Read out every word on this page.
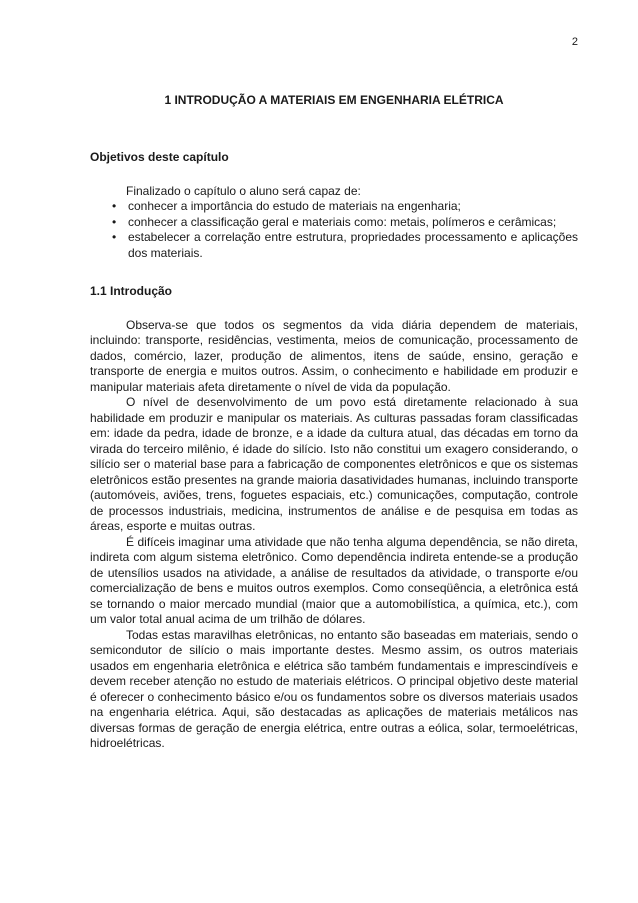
2
1 INTRODUÇÃO A MATERIAIS EM ENGENHARIA ELÉTRICA

Objetivos deste capítulo

Finalizado o capítulo o aluno será capaz de:

• conhecer a importância do estudo de materiais na engenharia;
• conhecer a classificação geral e materiais como: metais, polímeros e cerâmicas;
• estabelecer a correlação entre estrutura, propriedades processamento e aplicações dos materiais.

1.1 Introdução

Observa-se que todos os segmentos da vida diária dependem de materiais, incluindo: transporte, residências, vestimenta, meios de comunicação, processamento de dados, comércio, lazer, produção de alimentos, itens de saúde, ensino, geração e transporte de energia e muitos outros. Assim, o conhecimento e habilidade em produzir e manipular materiais afeta diretamente o nível de vida da população.

O nível de desenvolvimento de um povo está diretamente relacionado à sua habilidade em produzir e manipular os materiais. As culturas passadas foram classificadas em: idade da pedra, idade de bronze, e a idade da cultura atual, das décadas em torno da virada do terceiro milênio, é idade do silício. Isto não constitui um exagero considerando, o silício ser o material base para a fabricação de componentes eletrônicos e que os sistemas eletrônicos estão presentes na grande maioria dasatividades humanas, incluindo transporte (automóveis, aviões, trens, foguetes espaciais, etc.) comunicações, computação, controle de processos industriais, medicina, instrumentos de análise e de pesquisa em todas as áreas, esporte e muitas outras.

É difíceis imaginar uma atividade que não tenha alguma dependência, se não direta, indireta com algum sistema eletrônico. Como dependência indireta entende-se a produção de utensílios usados na atividade, a análise de resultados da atividade, o transporte e/ou comercialização de bens e muitos outros exemplos. Como conseqüência, a eletrônica está se tornando o maior mercado mundial (maior que a automobilística, a química, etc.), com um valor total anual acima de um trilhão de dólares.

Todas estas maravilhas eletrônicas, no entanto são baseadas em materiais, sendo o semicondutor de silício o mais importante destes. Mesmo assim, os outros materiais usados em engenharia eletrônica e elétrica são também fundamentais e imprescindíveis e devem receber atenção no estudo de materiais elétricos. O principal objetivo deste material é oferecer o conhecimento básico e/ou os fundamentos sobre os diversos materiais usados na engenharia elétrica. Aqui, são destacadas as aplicações de materiais metálicos nas diversas formas de geração de energia elétrica, entre outras a eólica, solar, termoelétricas, hidroelétricas.
